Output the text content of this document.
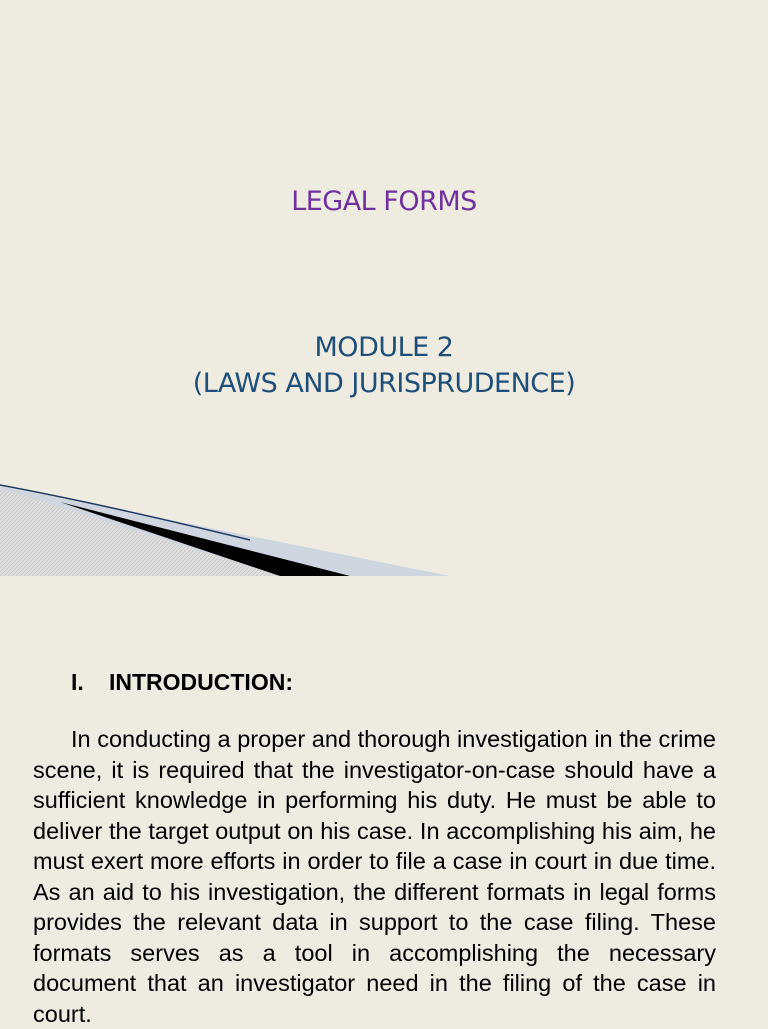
LEGAL FORMS
MODULE 2
(LAWS AND JURISPRUDENCE)
I. INTRODUCTION:

In conducting a proper and thorough investigation in the crime scene, it is required that the investigator-on-case should have a sufficient knowledge in performing his duty. He must be able to deliver the target output on his case. In accomplishing his aim, he must exert more efforts in order to file a case in court in due time. As an aid to his investigation, the different formats in legal forms provides the relevant data in support to the case filing. These formats serves as a tool in accomplishing the necessary document that an investigator need in the filing of the case in court.
